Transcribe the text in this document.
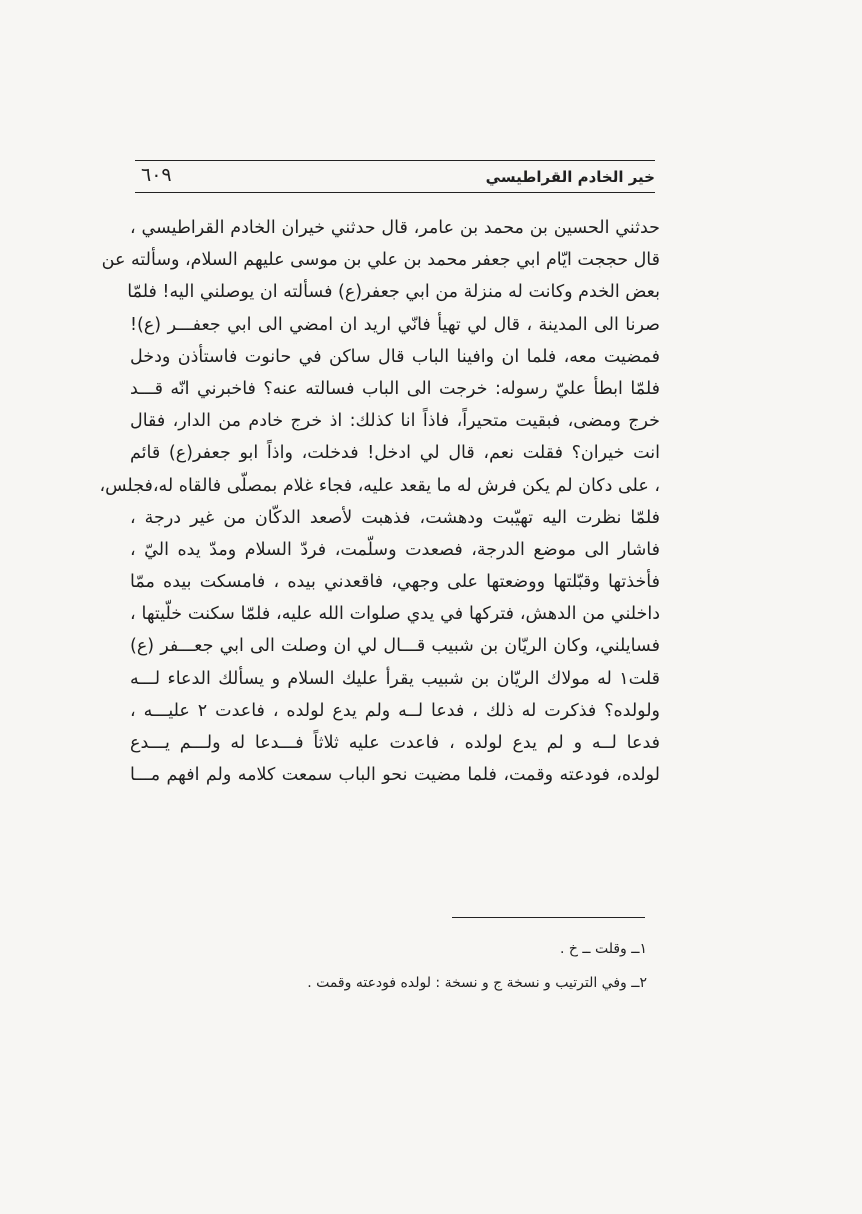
خير الخادم القراطيسي
٦٠٩
حدثني الحسين بن محمد بن عامر، قال حدثني خيران الخادم القراطيسي ،
قال حججت ايّام ابي جعفر محمد بن علي بن موسى عليهم السلام، وسألته عن
بعض الخدم وكانت له منزلة من ابي جعفر(ع) فسألته ان يوصلني اليه! فلمّا
صرنا الى المدينة ، قال لي تهيأ فانّي اريد ان امضي الى ابي جعفـــر (ع)!
فمضيت معه، فلما ان وافينا الباب قال ساكن في حانوت فاستأذن ودخل
فلمّا ابطأ عليّ رسوله: خرجت الى الباب فسالته عنه؟ فاخبرني انّه قـــد
خرج ومضى، فبقيت متحيراً، فاذاً انا كذلك: اذ خرج خادم من الدار، فقال
انت خيران؟ فقلت نعم، قال لي ادخل! فدخلت، واذاً ابو جعفر(ع) قائم
، على دكان لم يكن فرش له ما يقعد عليه، فجاء غلام بمصلّى فالقاه له،فجلس،
فلمّا نظرت اليه تهيّبت ودهشت، فذهبت لأصعد الدكّان من غير درجة ،
فاشار الى موضع الدرجة، فصعدت وسلّمت، فردّ السلام ومدّ يده اليّ ،
فأخذتها وقبّلتها ووضعتها على وجهي، فاقعدني بيده ، فامسكت بيده ممّا
داخلني من الدهش، فتركها في يدي صلوات الله عليه، فلمّا سكنت خلّيتها ،
فسايلني، وكان الريّان بن شبيب قـــال لي ان وصلت الى ابي جعـــفر (ع)
قلت١ له مولاك الريّان بن شبيب يقرأ عليك السلام و يسألك الدعاء لـــه
ولولده؟ فذكرت له ذلك ، فدعا لــه ولم يدع لولده ، فاعدت ٢ عليـــه ،
فدعا لــه و لم يدع لولده ، فاعدت عليه ثلاثاً فـــدعا له ولـــم يـــدع
لولده، فودعته وقمت، فلما مضيت نحو الباب سمعت كلامه ولم افهم مـــا
١ــ وقلت ــ خ .
٢ــ وفي الترتيب و نسخة ج و نسخة : لولده فودعته وقمت .
